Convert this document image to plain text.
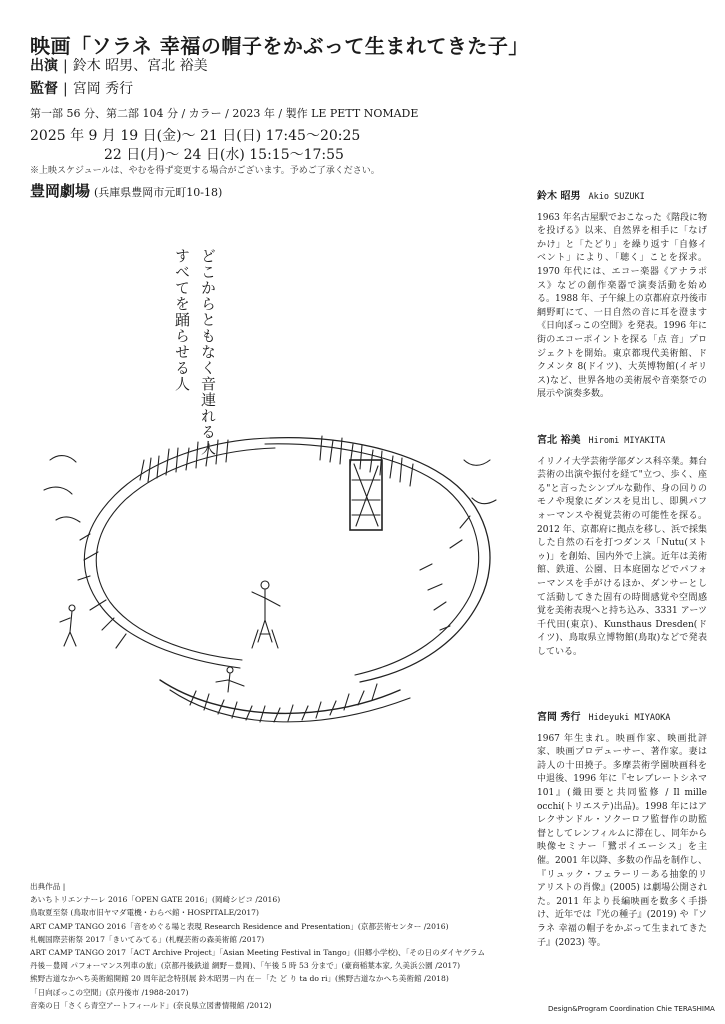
映画「ソラネ 幸福の帽子をかぶって生まれてきた子」
出演 | 鈴木 昭男、宮北 裕美
監督 | 宮岡 秀行
第一部 56 分、第二部 104 分 / カラー / 2023 年 / 製作 LE PETT NOMADE
2025 年 9 月 19 日(金)〜 21 日(日) 17:45〜20:25
22 日(月)〜 24 日(水) 15:15〜17:55
※上映スケジュールは、やむを得ず変更する場合がございます。予めご了承ください。
豊岡劇場 (兵庫県豊岡市元町10-18)
どこからともなく音連れる人
すべてを踊らせる人
出典作品 |
あいちトリエンナーレ 2016「OPEN GATE 2016」(岡崎シビコ /2016)
鳥取夏至祭 (鳥取市旧ヤマダ電機・わらべ館・HOSPITALE/2017)
ART CAMP TANGO 2016「音をめぐる場と表現 Research Residence and Presentation」(京都芸術センター /2016)
札幌国際芸術祭 2017「きいてみてる」(札幌芸術の森美術館 /2017)
ART CAMP TANGO 2017「ACT Archive Project」「Asian Meeting Festival in Tango」(旧郷小学校)、「その日のダイヤグラム
丹後－豊岡 パフォーマンス列車の旅」(京都丹後鉄道 網野－豊岡)、「午後 5 時 53 分まで」(豪商稲葉本家, 久美浜公園 /2017)
熊野古道なかへち美術館開館 20 周年記念特別展 鈴木昭男－内 在－「た ど り ta do ri」(熊野古道なかへち美術館 /2018)
「日向ぼっこの空間」(京丹後市 /1988-2017)
音楽の日「さくら青空アートフィールド」(奈良県立図書情報館 /2012)
鈴木 昭男 Akio SUZUKI
1963 年名古屋駅でおこなった《階段に物を投げる》以来、自然界を相手に「なげかけ」と「たどり」を繰り返す「自修イベント」により、「聴く」ことを探求。1970 年代には、エコー楽器《アナラポス》などの創作楽器で演奏活動を始める。1988 年、子午線上の京都府京丹後市網野町にて、一日自然の音に耳を澄ます《日向ぼっこの空間》を発表。1996 年に街のエコーポイントを探る「点 音」プロジェクトを開始。東京都現代美術館、ドクメンタ 8(ドイツ)、大英博物館(イギリス)など、世界各地の美術展や音楽祭での展示や演奏多数。
宮北 裕美 Hiromi MIYAKITA
イリノイ大学芸術学部ダンス科卒業。舞台芸術の出演や振付を経て"立つ、歩く、座る"と言ったシンプルな動作、身の回りのモノや現象にダンスを見出し、即興パフォーマンスや視覚芸術の可能性を探る。2012 年、京都府に拠点を移し、浜で採集した自然の石を打つダンス「Nutu(ヌトゥ)」を創始、国内外で上演。近年は美術館、鉄道、公園、日本庭園などでパフォーマンスを手がけるほか、ダンサーとして活動してきた固有の時間感覚や空間感覚を美術表現へと持ち込み、3331 アーツ千代田(東京)、Kunsthaus Dresden(ドイツ)、鳥取県立博物館(鳥取)などで発表している。
宮岡 秀行 Hideyuki MIYAOKA
1967 年生まれ。映画作家、映画批評家、映画プロデューサー、著作家。妻は詩人の十田撓子。多摩芸術学園映画科を中退後、1996 年に『セレブレートシネマ 101』(織田要と共同監修 / Il mille occhi(トリエステ)出品)。1998 年にはアレクサンドル・ソクーロフ監督作の助監督としてレンフィルムに滞在し、同年から映像セミナー「鷺ポイエーシス」を主催。2001 年以降、多数の作品を制作し、『リュック・フェラーリ－ある抽象的リアリストの肖像』(2005) は劇場公開された。2011 年より長編映画を数多く手掛け、近年では『光の種子』(2019) や『ソラネ 幸福の帽子をかぶって生まれてきた子』(2023) 等。
Design&Program Coordination Chie TERASHIMA
